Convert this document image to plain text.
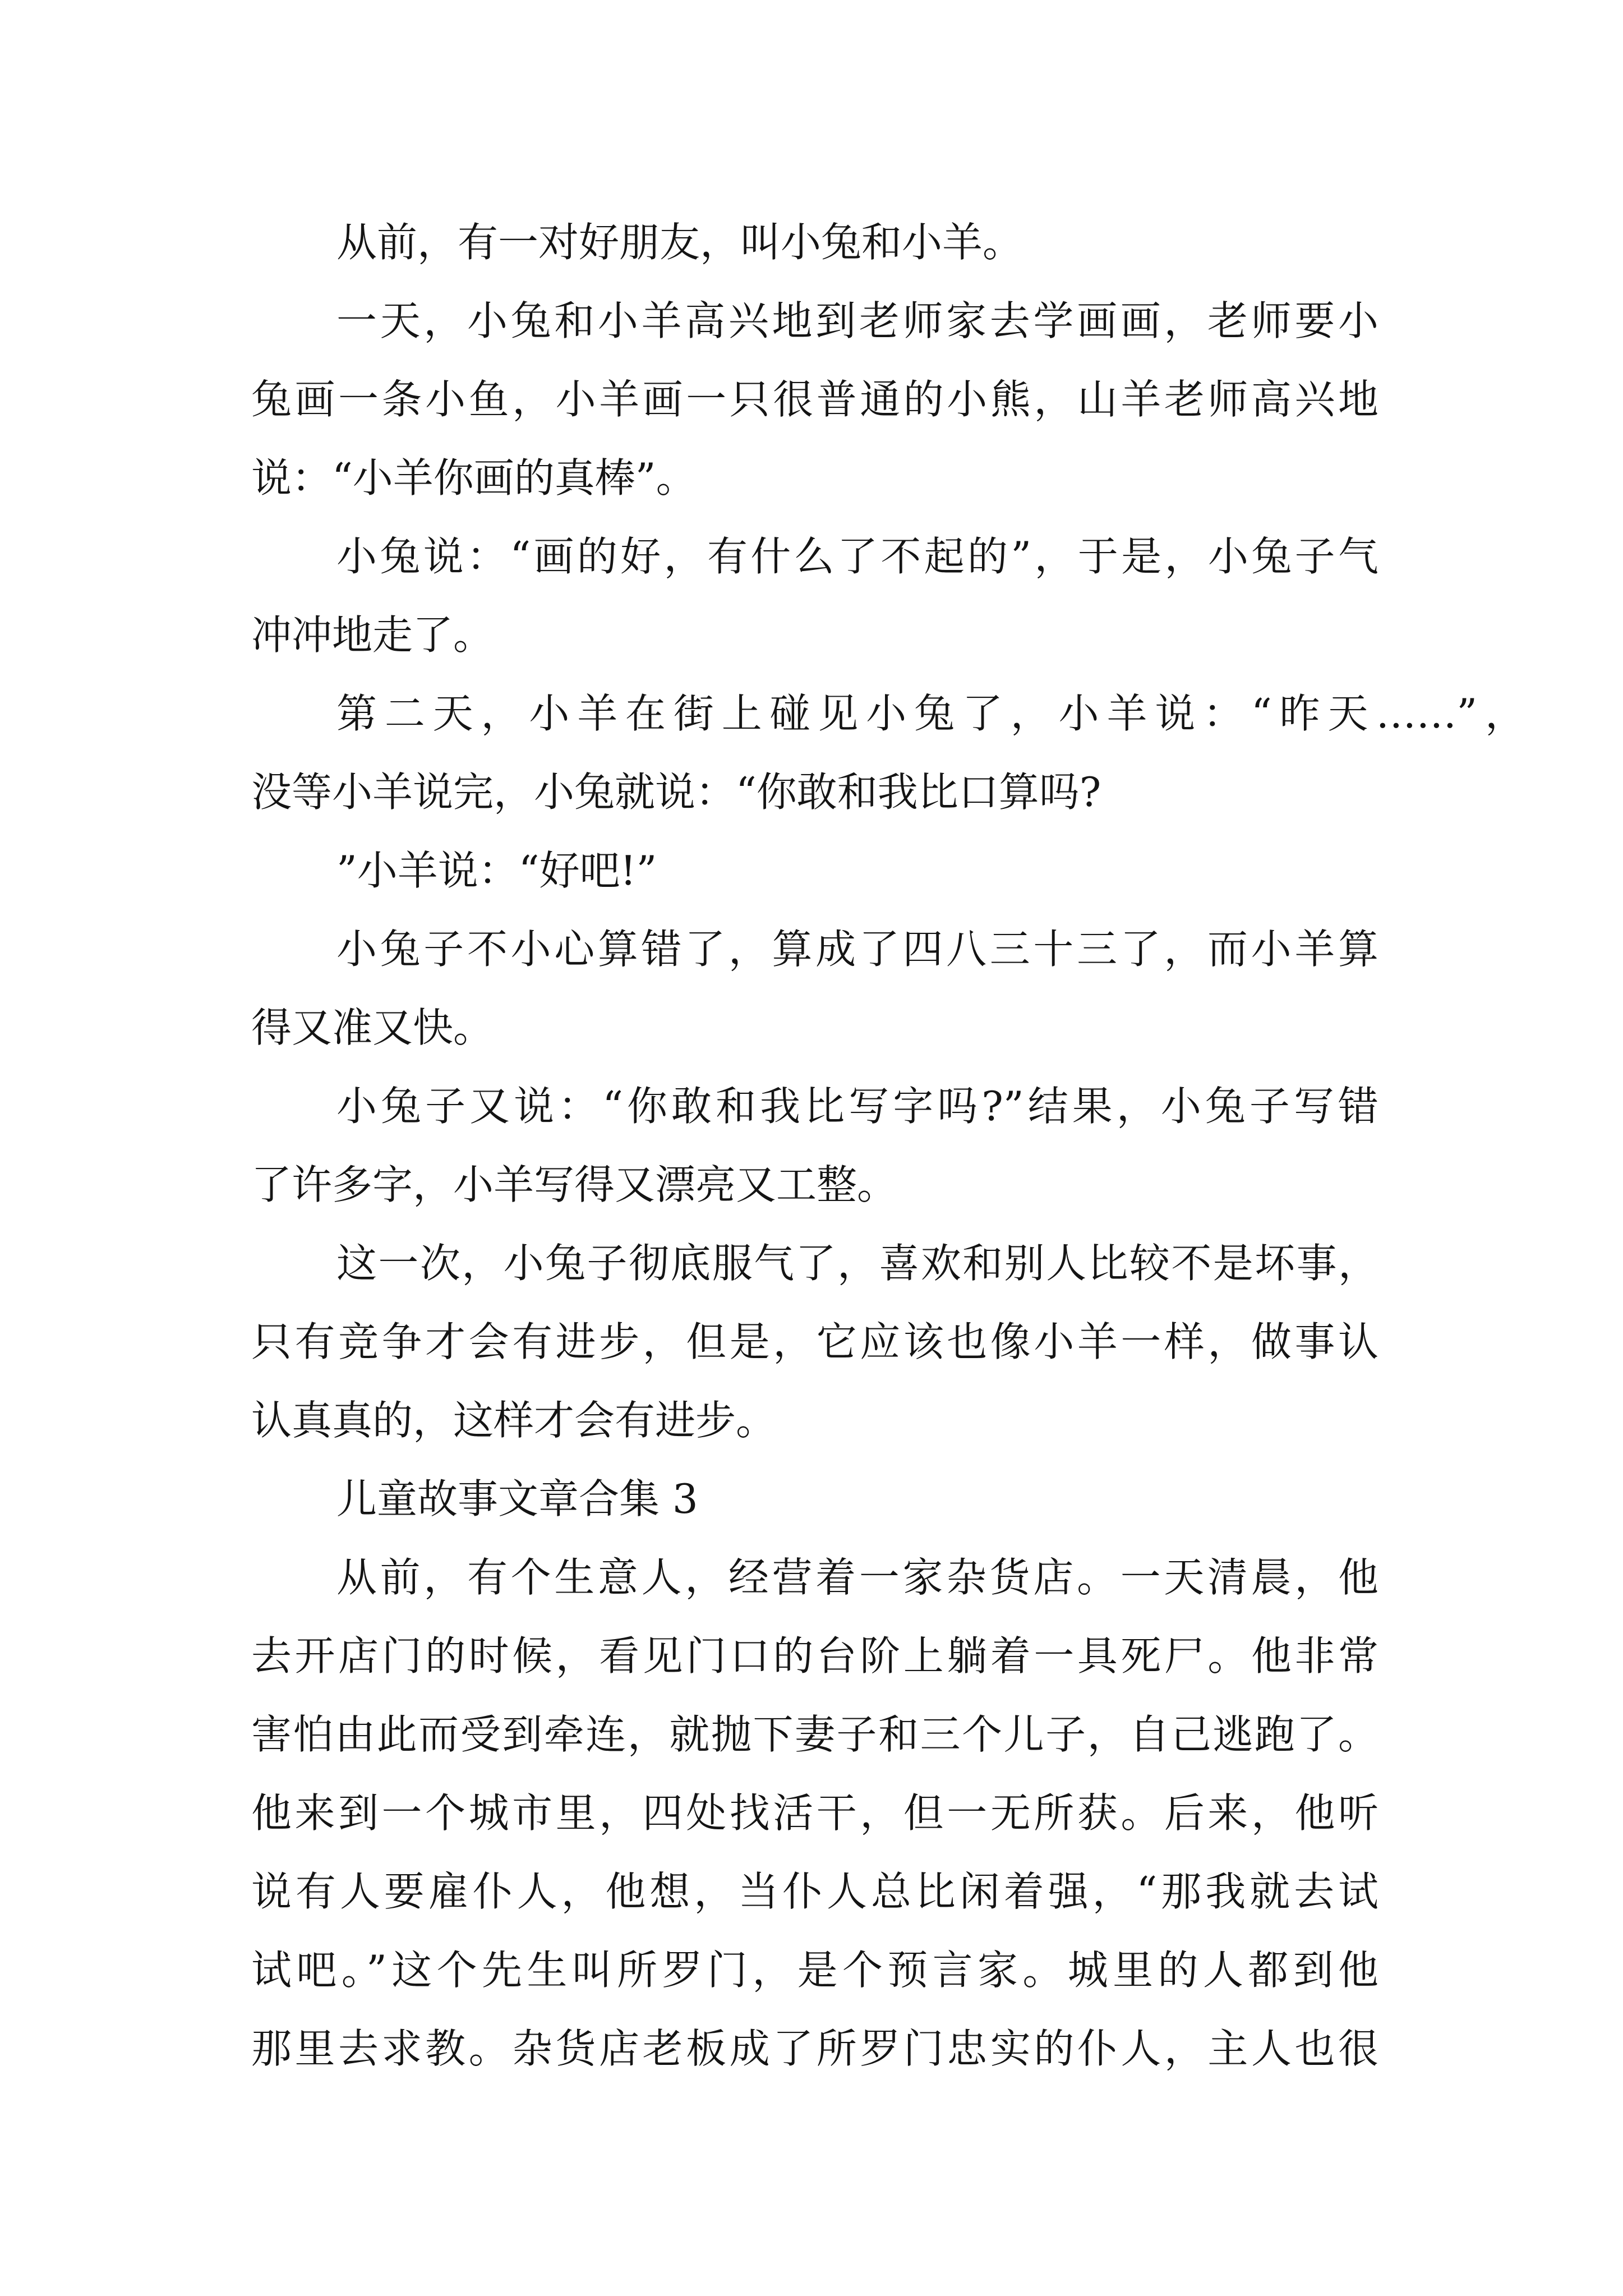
从前，有一对好朋友，叫小兔和小羊。

一天，小兔和小羊高兴地到老师家去学画画，老师要小

兔画一条小鱼，小羊画一只很普通的小熊，山羊老师高兴地

说：“小羊你画的真棒”。

小兔说：“画的好，有什么了不起的”，于是，小兔子气

冲冲地走了。

第二天，小羊在街上碰见小兔了，小羊说：“昨天……”，

没等小羊说完，小兔就说：“你敢和我比口算吗?

”小羊说：“好吧!”

小兔子不小心算错了，算成了四八三十三了，而小羊算

得又准又快。

小兔子又说：“你敢和我比写字吗?”结果，小兔子写错

了许多字，小羊写得又漂亮又工整。

这一次，小兔子彻底服气了，喜欢和别人比较不是坏事，

只有竞争才会有进步，但是，它应该也像小羊一样，做事认

认真真的，这样才会有进步。

儿童故事文章合集 3

从前，有个生意人，经营着一家杂货店。一天清晨，他

去开店门的时候，看见门口的台阶上躺着一具死尸。他非常

害怕由此而受到牵连，就抛下妻子和三个儿子，自己逃跑了。

他来到一个城市里，四处找活干，但一无所获。后来，他听

说有人要雇仆人，他想，当仆人总比闲着强，“那我就去试

试吧。”这个先生叫所罗门，是个预言家。城里的人都到他

那里去求教。杂货店老板成了所罗门忠实的仆人，主人也很
